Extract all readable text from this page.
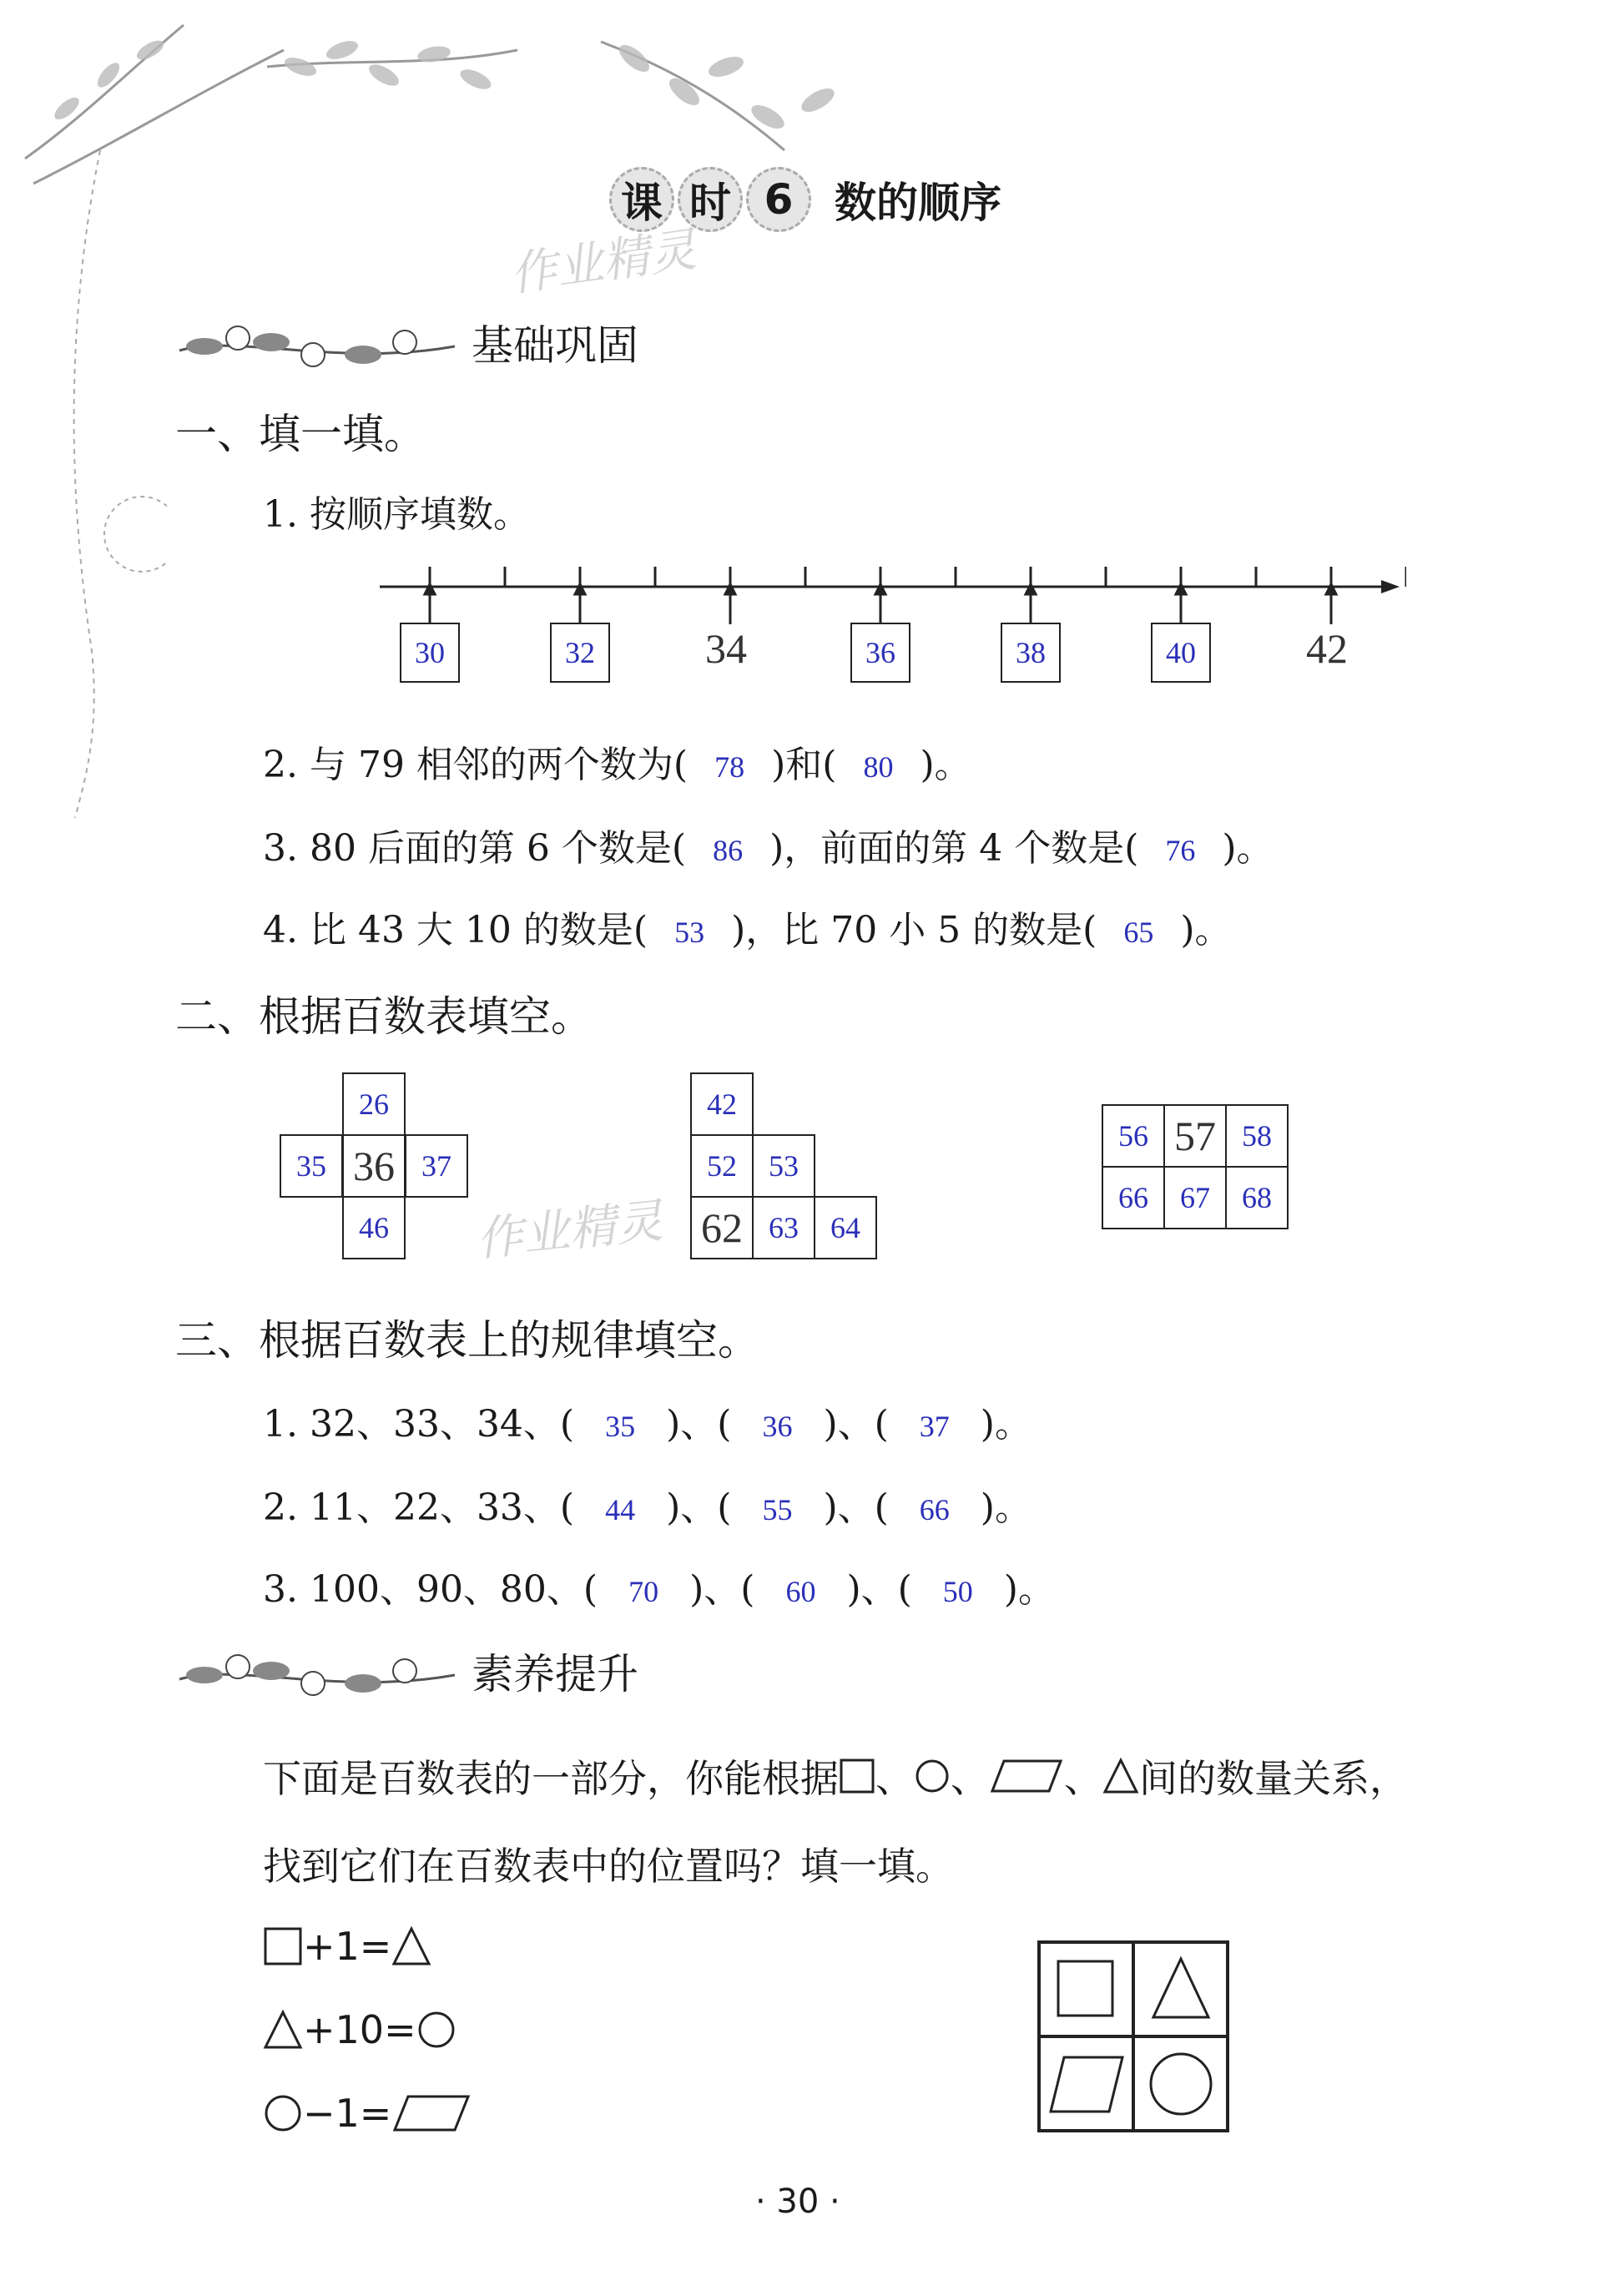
课 时 6 数的顺序
作业精灵
基础巩固
一、填一填。
1. 按顺序填数。
30	32	34	36	38	40	42
2. 与 79 相邻的两个数为( 78 )和( 80 )。
3. 80 后面的第 6 个数是( 86 )，前面的第 4 个数是( 76 )。
4. 比 43 大 10 的数是( 53 )，比 70 小 5 的数是( 65 )。
二、根据百数表填空。
26
35 36 37
46 作业精灵
42
52 53
62 63 64
56 57 58
66 67 68
三、根据百数表上的规律填空。
1. 32、33、34、( 35 )、( 36 )、( 37 )。
2. 11、22、33、( 44 )、( 55 )、( 66 )。
3. 100、90、80、( 70 )、( 60 )、( 50 )。
素养提升
下面是百数表的一部分，你能根据 、 、 、 间的数量关系，
找到它们在百数表中的位置吗？填一填。
+1=
+10=
−1=
· 30 ·
